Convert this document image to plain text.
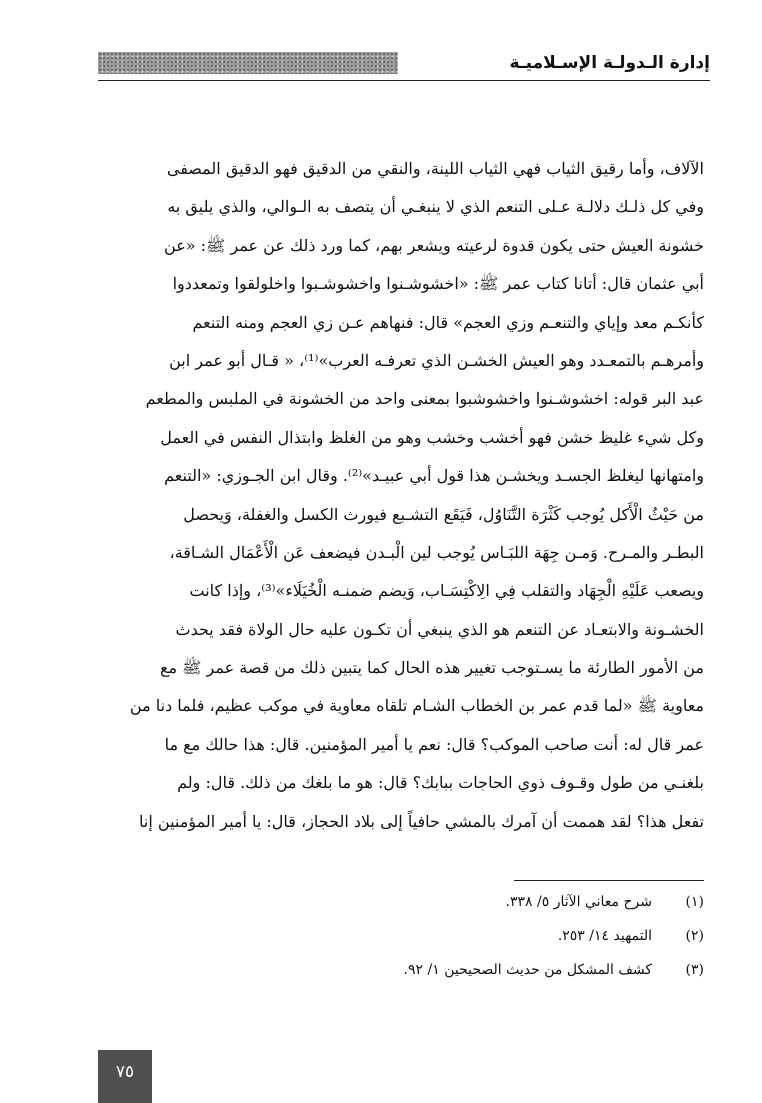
إدارة الـدولـة الإسـلاميـة
الآلاف، وأما رقيق الثياب فهي الثياب اللينة، والنقي من الدقيق فهو الدقيق المصفى
وفي كل ذلـك دلالـة عـلى التنعم الذي لا ينبغـي أن يتصف به الـوالي، والذي يليق به
خشونة العيش حتى يكون قدوة لرعيته ويشعر بهم، كما ورد ذلك عن عمر ﷺ: «عن
أبي عثمان قال: أتانا كتاب عمر ﷺ: «اخشوشـنوا واخشوشـبوا واخلولقوا وتمعددوا
كأنكـم معد وإياي والتنعـم وزي العجم» قال: فنهاهم عـن زي العجم ومنه التنعم
وأمرهـم بالتمعـدد وهو العيش الخشـن الذي تعرفـه العرب»⁽¹⁾، « قـال أبو عمر ابن
عبد البر قوله: اخشوشـنوا واخشوشبوا بمعنى واحد من الخشونة في الملبس والمطعم
وكل شيء غليظ خشن فهو أخشب وخشب وهو من الغلظ وابتذال النفس في العمل
وامتهانها ليغلظ الجسـد ويخشـن هذا قول أبي عبيـد»⁽²⁾. وقال ابن الجـوزي: «التنعم
من حَيْثُ الْأَكل يُوجب كَثْرَة التَّنَاوُل، فَيَقَع التشـبع فيورث الكسل والغفلة، وَيحصل
البطـر والمـرح. وَمـن جِهَة اللبَـاس يُوجب لين الْبـدن فيضعف عَن الْأَعْمَال الشـاقة،
ويصعب عَلَيْهِ الْجِهَاد والتقلب فِي الِاكْتِسَـاب، وَيضم ضمنـه الْخُيَلَاء»⁽³⁾، وإذا كانت
الخشـونة والابتعـاد عن التنعم هو الذي ينبغي أن تكـون عليه حال الولاة فقد يحدث
من الأمور الطارئة ما يسـتوجب تغيير هذه الحال كما يتبين ذلك من قصة عمر ﷺ مع
معاوية ﷺ «لما قدم عمر بن الخطاب الشـام تلقاه معاوية في موكب عظيم، فلما دنا من
عمر قال له: أنت صاحب الموكب؟ قال: نعم يا أمير المؤمنين. قال: هذا حالك مع ما
بلغنـي من طول وقـوف ذوي الحاجات ببابك؟ قال: هو ما بلغك من ذلك. قال: ولم
تفعل هذا؟ لقد هممت أن آمرك بالمشي حافياً إلى بلاد الحجاز، قال: يا أمير المؤمنين إنا
(١)شرح معاني الآثار ٥/ ٣٣٨.
(٢)التمهيد ١٤/ ٢٥٣.
(٣)كشف المشكل من حديث الصحيحين ١/ ٩٢.
٧٥
